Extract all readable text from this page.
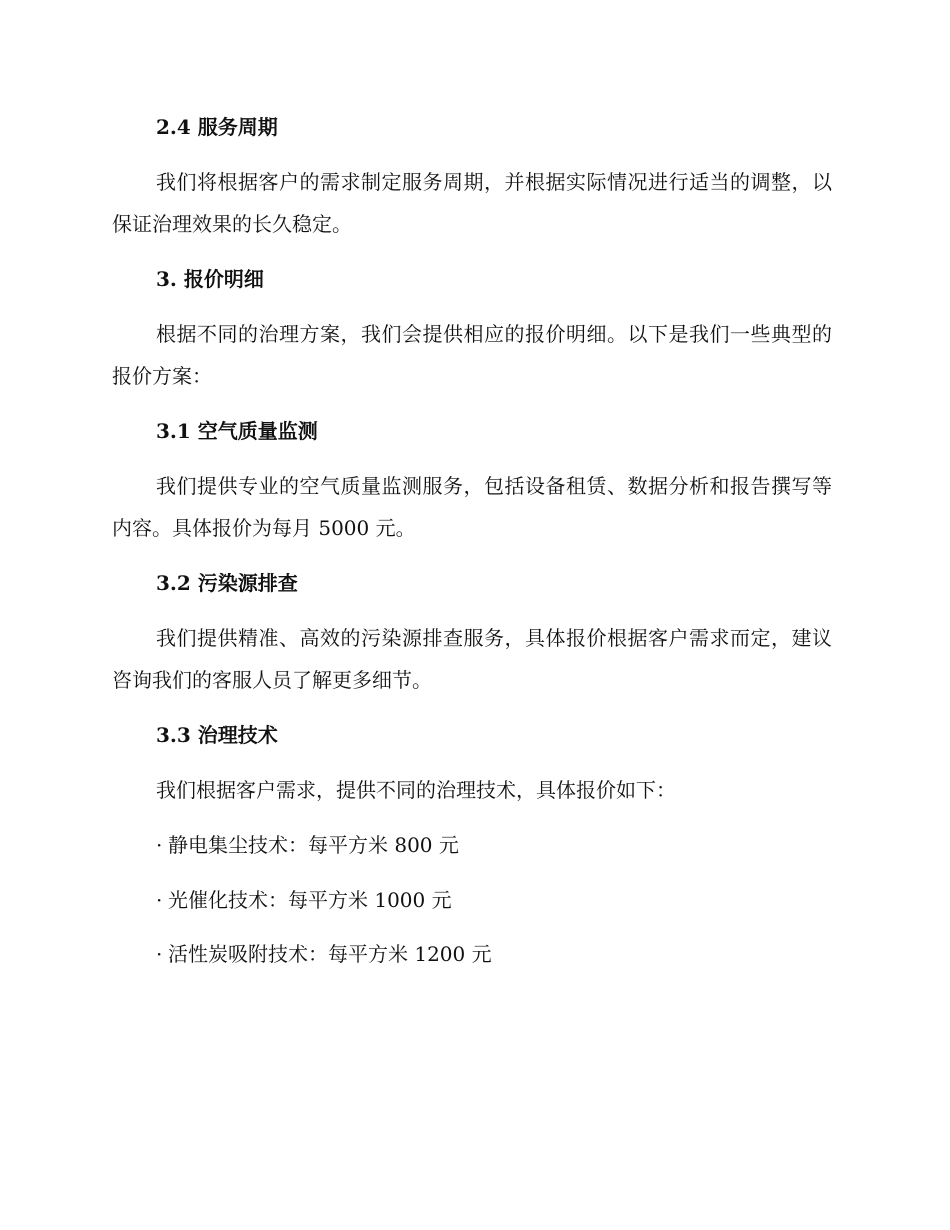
2.4 服务周期
我们将根据客户的需求制定服务周期，并根据实际情况进行适当的调整，以保证治理效果的长久稳定。
3. 报价明细
根据不同的治理方案，我们会提供相应的报价明细。以下是我们一些典型的报价方案：
3.1 空气质量监测
我们提供专业的空气质量监测服务，包括设备租赁、数据分析和报告撰写等内容。具体报价为每月 5000 元。
3.2 污染源排查
我们提供精准、高效的污染源排查服务，具体报价根据客户需求而定，建议咨询我们的客服人员了解更多细节。
3.3 治理技术
我们根据客户需求，提供不同的治理技术，具体报价如下：
· 静电集尘技术：每平方米 800 元
· 光催化技术：每平方米 1000 元
· 活性炭吸附技术：每平方米 1200 元
